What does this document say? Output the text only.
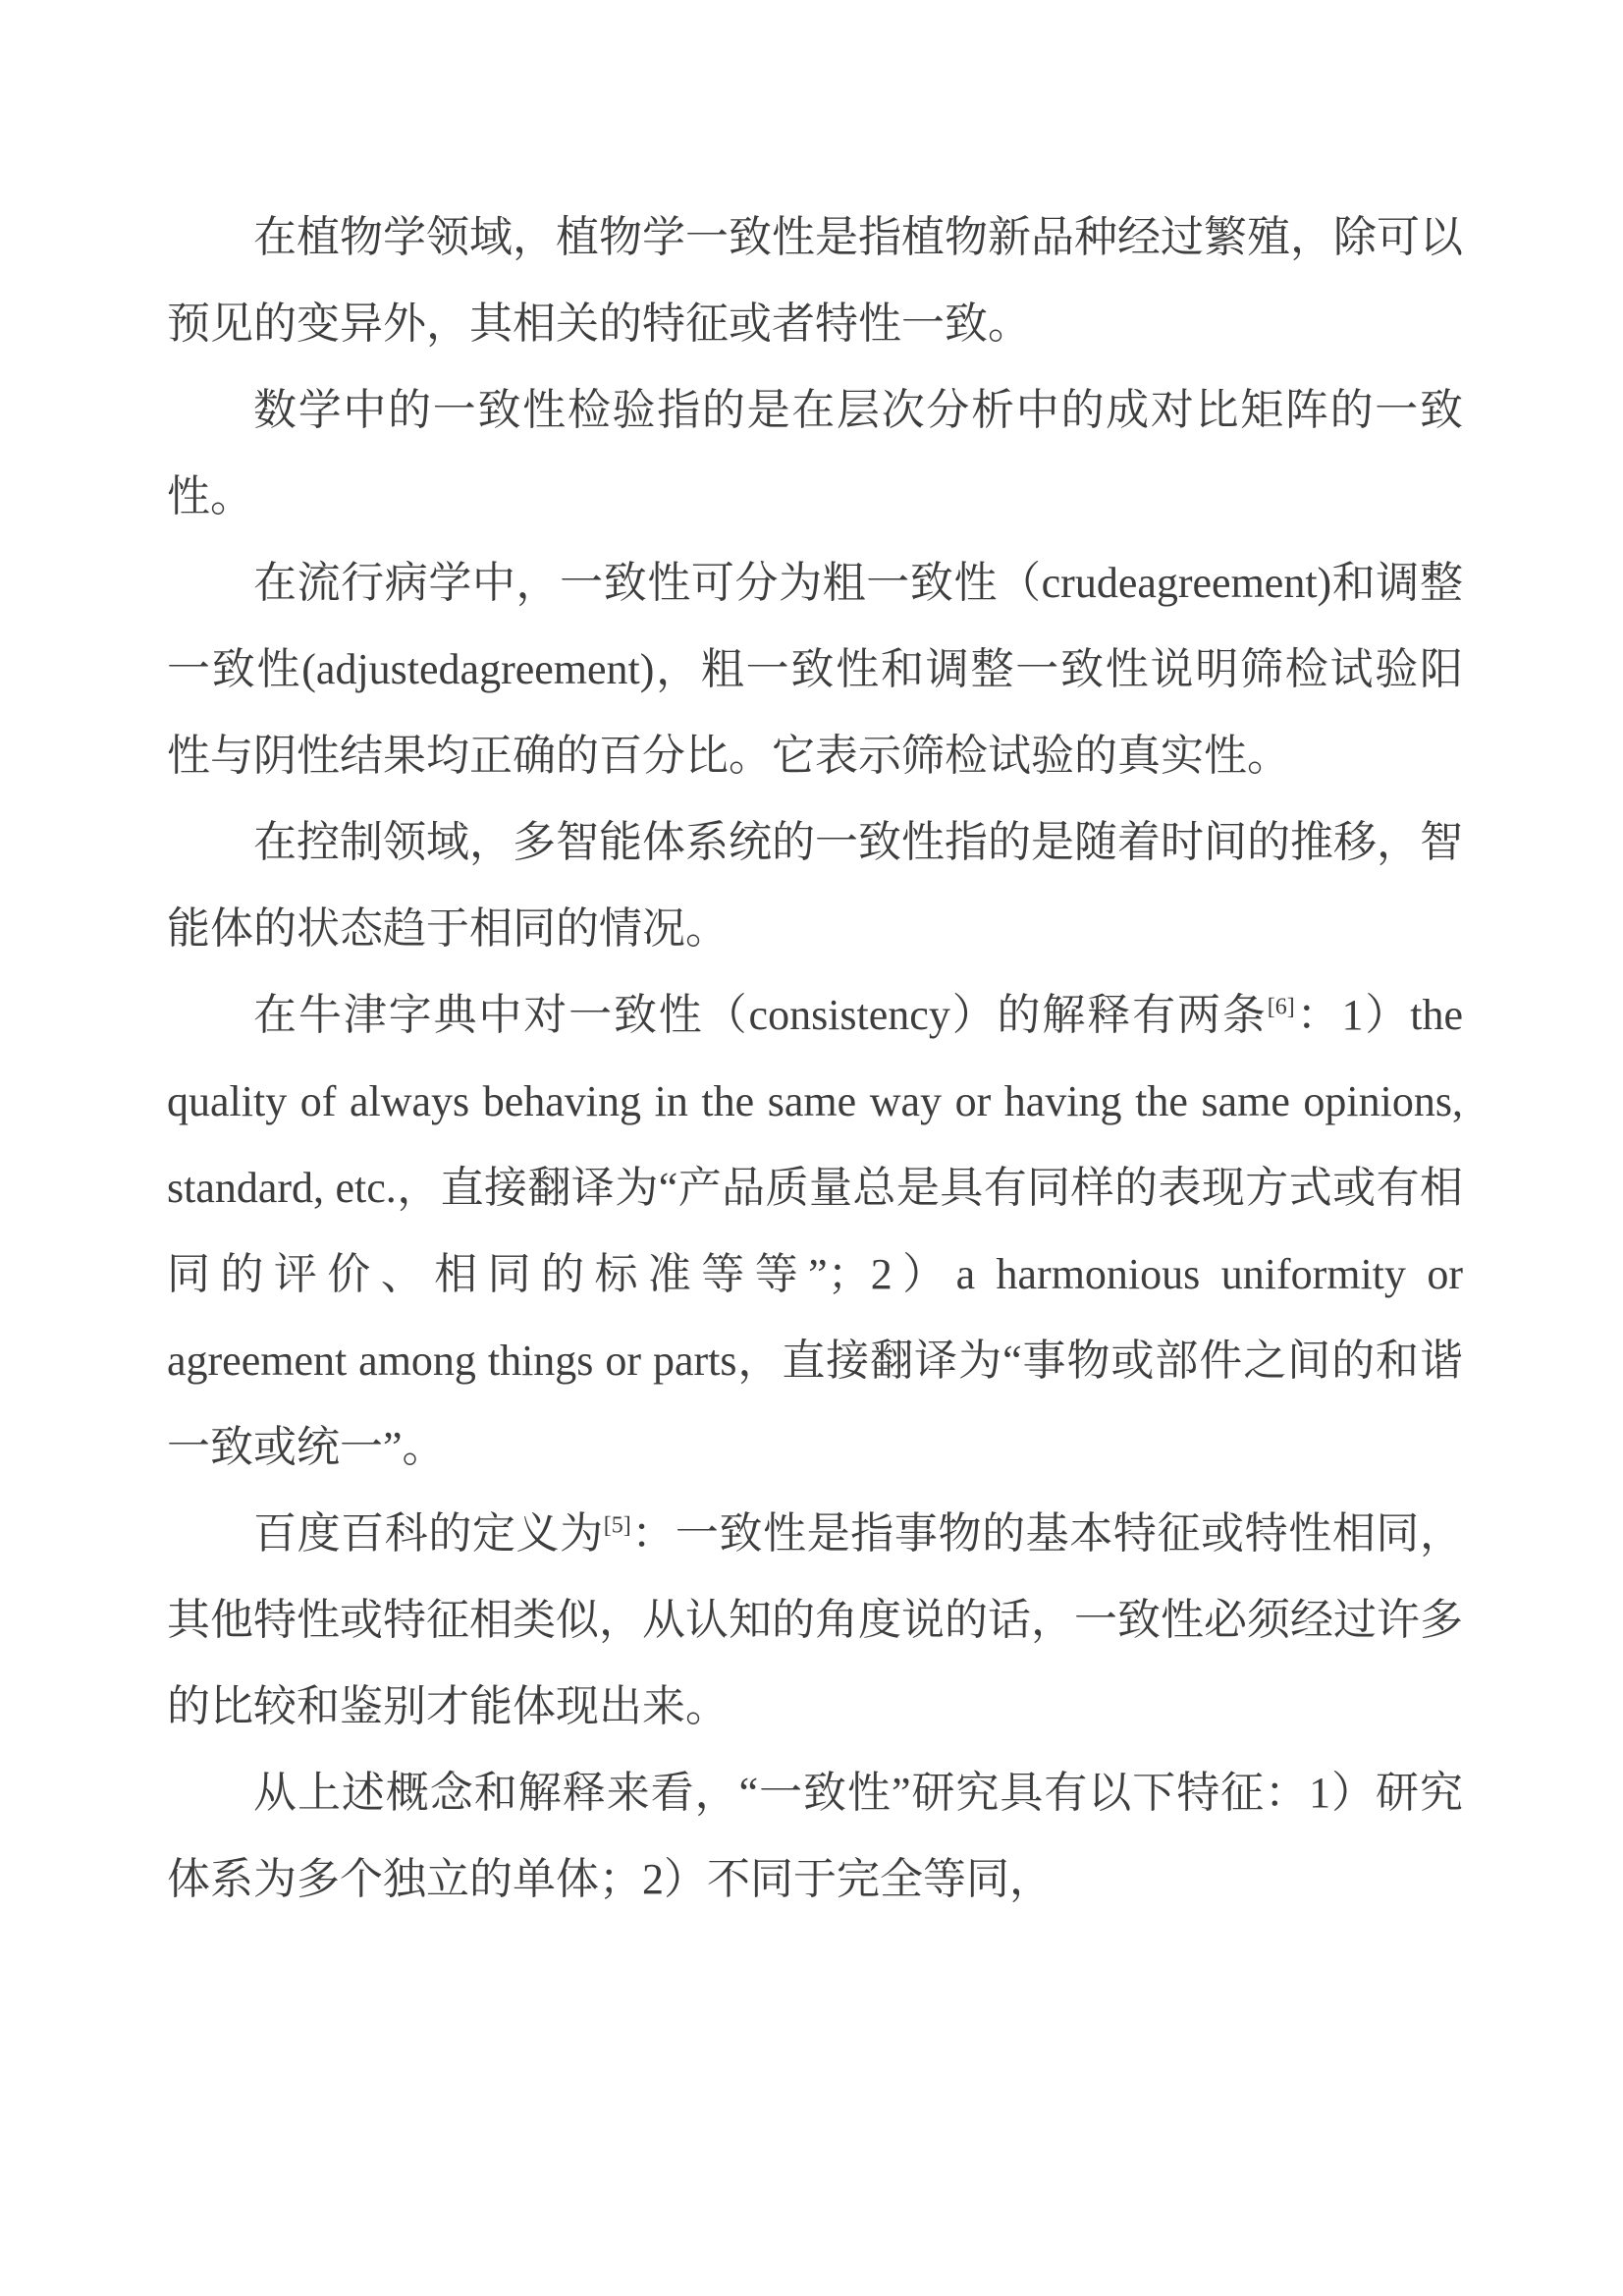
在植物学领域，植物学一致性是指植物新品种经过繁殖，除可以预见的变异外，其相关的特征或者特性一致。

数学中的一致性检验指的是在层次分析中的成对比矩阵的一致性。

在流行病学中，一致性可分为粗一致性（crudeagreement)和调整一致性(adjustedagreement)，粗一致性和调整一致性说明筛检试验阳性与阴性结果均正确的百分比。它表示筛检试验的真实性。

在控制领域，多智能体系统的一致性指的是随着时间的推移，智能体的状态趋于相同的情况。

在牛津字典中对一致性（consistency）的解释有两条[6]：1）the quality of always behaving in the same way or having the same opinions, standard, etc.，直接翻译为“产品质量总是具有同样的表现方式或有相同的评价、相同的标准等等”；2）a harmonious uniformity or agreement among things or parts，直接翻译为“事物或部件之间的和谐一致或统一”。

百度百科的定义为[5]：一致性是指事物的基本特征或特性相同，其他特性或特征相类似，从认知的角度说的话，一致性必须经过许多的比较和鉴别才能体现出来。

从上述概念和解释来看，“一致性”研究具有以下特征：1）研究体系为多个独立的单体；2）不同于完全等同，
